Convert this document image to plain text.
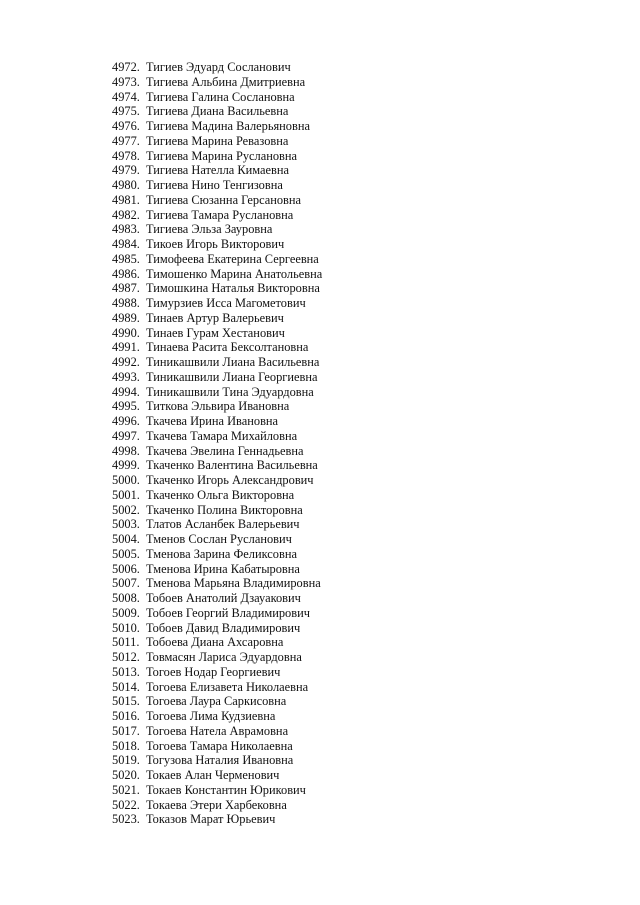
4972. Тигиев Эдуард Сосланович
4973. Тигиева Альбина Дмитриевна
4974. Тигиева Галина Сослановна
4975. Тигиева Диана Васильевна
4976. Тигиева Мадина Валерьяновна
4977. Тигиева Марина Ревазовна
4978. Тигиева Марина Руслановна
4979. Тигиева Нателла Кимаевна
4980. Тигиева Нино Тенгизовна
4981. Тигиева Сюзанна Герсановна
4982. Тигиева Тамара Руслановна
4983. Тигиева Эльза Зауровна
4984. Тикоев Игорь Викторович
4985. Тимофеева Екатерина Сергеевна
4986. Тимошенко Марина Анатольевна
4987. Тимошкина Наталья Викторовна
4988. Тимурзиев Исса Магометович
4989. Тинаев Артур Валерьевич
4990. Тинаев Гурам Хестанович
4991. Тинаева Расита Бексолтановна
4992. Тиникашвили Лиана Васильевна
4993. Тиникашвили Лиана Георгиевна
4994. Тиникашвили Тина Эдуардовна
4995. Титкова Эльвира Ивановна
4996. Ткачева Ирина Ивановна
4997. Ткачева Тамара Михайловна
4998. Ткачева Эвелина Геннадьевна
4999. Ткаченко Валентина Васильевна
5000. Ткаченко Игорь Александрович
5001. Ткаченко Ольга Викторовна
5002. Ткаченко Полина Викторовна
5003. Тлатов Асланбек Валерьевич
5004. Тменов Сослан Русланович
5005. Тменова Зарина Феликсовна
5006. Тменова Ирина Кабатыровна
5007. Тменова Марьяна Владимировна
5008. Тобоев Анатолий Дзауакович
5009. Тобоев Георгий Владимирович
5010. Тобоев Давид Владимирович
5011. Тобоева Диана Ахсаровна
5012. Товмасян Лариса Эдуардовна
5013. Тогоев Нодар Георгиевич
5014. Тогоева Елизавета Николаевна
5015. Тогоева Лаура Саркисовна
5016. Тогоева Лима Кудзиевна
5017. Тогоева Натела Аврамовна
5018. Тогоева Тамара Николаевна
5019. Тогузова Наталия Ивановна
5020. Токаев Алан Черменович
5021. Токаев Константин Юрикович
5022. Токаева Этери Харбековна
5023. Токазов Марат Юрьевич
